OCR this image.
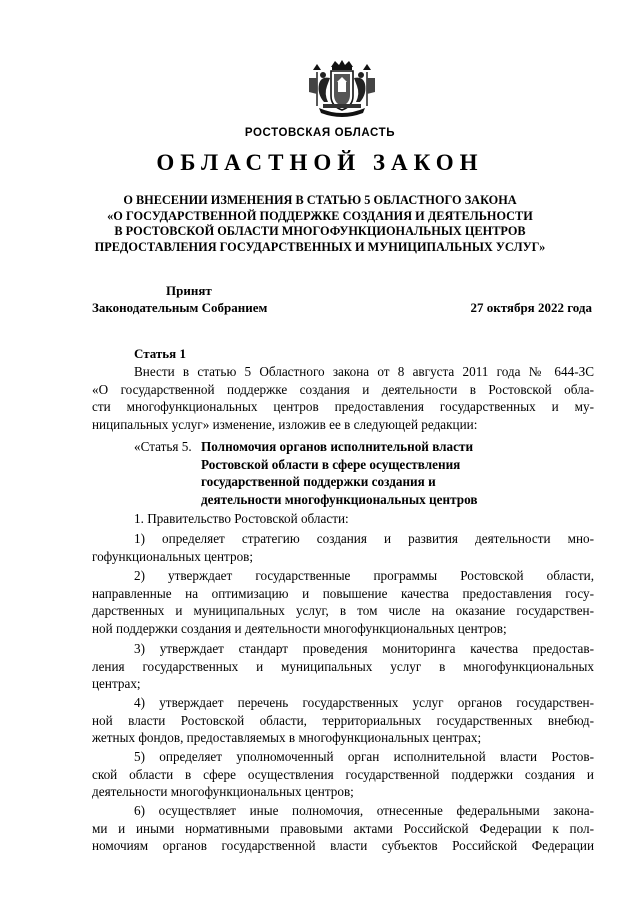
РОСТОВСКАЯ ОБЛАСТЬ
ОБЛАСТНОЙ ЗАКОН
О ВНЕСЕНИИ ИЗМЕНЕНИЯ В СТАТЬЮ 5 ОБЛАСТНОГО ЗАКОНА
«О ГОСУДАРСТВЕННОЙ ПОДДЕРЖКЕ СОЗДАНИЯ И ДЕЯТЕЛЬНОСТИ
В РОСТОВСКОЙ ОБЛАСТИ МНОГОФУНКЦИОНАЛЬНЫХ ЦЕНТРОВ
ПРЕДОСТАВЛЕНИЯ ГОСУДАРСТВЕННЫХ И МУНИЦИПАЛЬНЫХ УСЛУГ»
Принят
Законодательным Собранием	27 октября 2022 года
Статья 1
Внести в статью 5 Областного закона от 8 августа 2011 года № 644-ЗС
«О государственной поддержке создания и деятельности в Ростовской обла-
сти многофункциональных центров предоставления государственных и му-
ниципальных услуг» изменение, изложив ее в следующей редакции:
«Статья 5. Полномочия органов исполнительной власти
Ростовской области в сфере осуществления
государственной поддержки создания и
деятельности многофункциональных центров
1. Правительство Ростовской области:
1) определяет стратегию создания и развития деятельности мно-
гофункциональных центров;
2) утверждает государственные программы Ростовской области,
направленные на оптимизацию и повышение качества предоставления госу-
дарственных и муниципальных услуг, в том числе на оказание государствен-
ной поддержки создания и деятельности многофункциональных центров;
3) утверждает стандарт проведения мониторинга качества предостав-
ления государственных и муниципальных услуг в многофункциональных
центрах;
4) утверждает перечень государственных услуг органов государствен-
ной власти Ростовской области, территориальных государственных внебюд-
жетных фондов, предоставляемых в многофункциональных центрах;
5) определяет уполномоченный орган исполнительной власти Ростов-
ской области в сфере осуществления государственной поддержки создания и
деятельности многофункциональных центров;
6) осуществляет иные полномочия, отнесенные федеральными закона-
ми и иными нормативными правовыми актами Российской Федерации к пол-
номочиям органов государственной власти субъектов Российской Федерации
